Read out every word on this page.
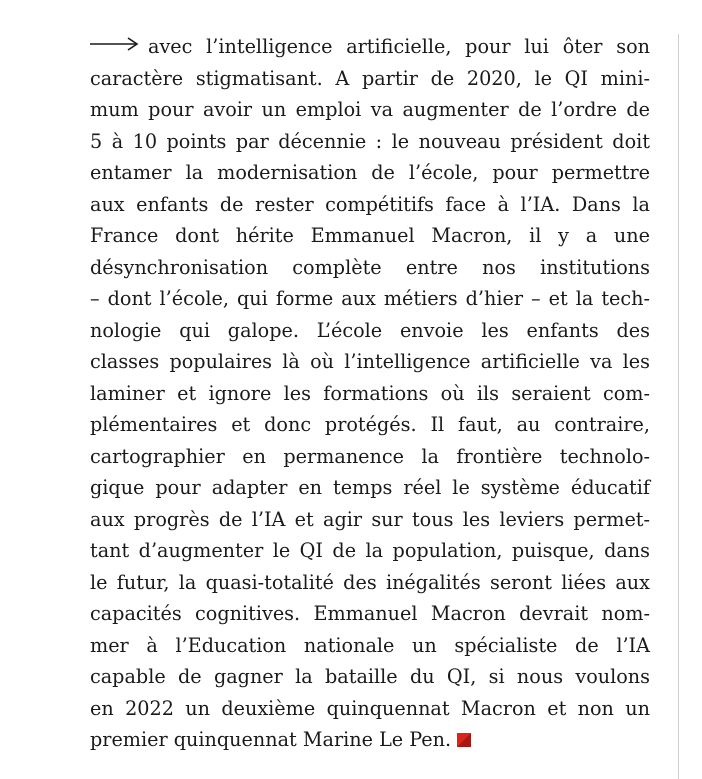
avec l’intelligence artificielle, pour lui ôter son
caractère stigmatisant. A partir de 2020, le QI mini-
mum pour avoir un emploi va augmenter de l’ordre de
5 à 10 points par décennie : le nouveau président doit
entamer la modernisation de l’école, pour permettre
aux enfants de rester compétitifs face à l’IA. Dans la
France dont hérite Emmanuel Macron, il y a une
désynchronisation complète entre nos institutions
– dont l’école, qui forme aux métiers d’hier – et la tech-
nologie qui galope. L’école envoie les enfants des
classes populaires là où l’intelligence artificielle va les
laminer et ignore les formations où ils seraient com-
plémentaires et donc protégés. Il faut, au contraire,
cartographier en permanence la frontière technolo-
gique pour adapter en temps réel le système éducatif
aux progrès de l’IA et agir sur tous les leviers permet-
tant d’augmenter le QI de la population, puisque, dans
le futur, la quasi-totalité des inégalités seront liées aux
capacités cognitives. Emmanuel Macron devrait nom-
mer à l’Education nationale un spécialiste de l’IA
capable de gagner la bataille du QI, si nous voulons
en 2022 un deuxième quinquennat Macron et non un
premier quinquennat Marine Le Pen.
